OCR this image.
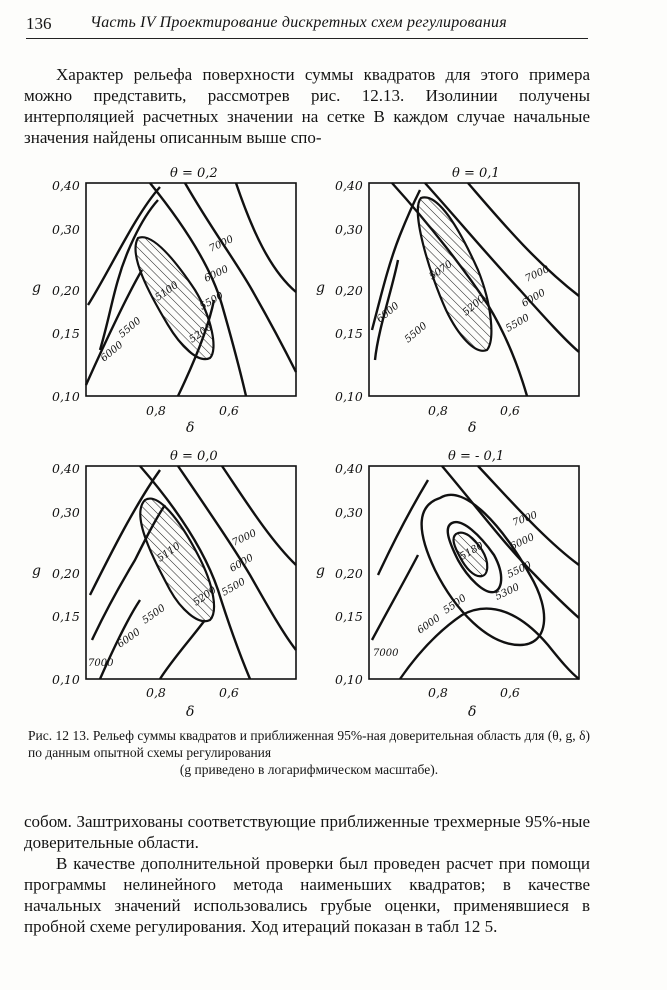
136 Часть IV Проектирование дискретных схем регулирования

Характер рельефа поверхности суммы квадратов для этого примера можно представить, рассмотрев рис. 12.13. Изолинии получены интерполяцией расчетных значении на сетке В каждом случае начальные значения найдены описанным выше спо-

θ = 0,2
0,40
0,30
0,20
0,15
0,10
0,8	0,6
g
δ
7000
6000
5500
5200
5100
5500
6000
θ = 0,1
0,40
0,30
0,20
0,15
0,10
0,8	0,6
g
δ
7000
6000
5500
5200
5070
5500
6000
θ = 0,0
0,40
0,30
0,20
0,15
0,10
0,8	0,6
g
δ
7000
6000
5500
5200
5110
5500
6000
7000
θ = - 0,1
0,40
0,30
0,20
0,15
0,10
0,8	0,6
g
δ
7000
6000
5500
5300
5180
5500
6000
7000

Рис. 12 13. Рельеф суммы квадратов и приближенная 95%-ная доверительная область для (θ, g, δ) по данным опытной схемы регулирования
(g приведено в логарифмическом масштабе).

собом. Заштрихованы соответствующие приближенные трехмерные 95%-ные доверительные области.

В качестве дополнительной проверки был проведен расчет при помощи программы нелинейного метода наименьших квадратов; в качестве начальных значений использовались грубые оценки, применявшиеся в пробной схеме регулирования. Ход итераций показан в табл 12 5.
